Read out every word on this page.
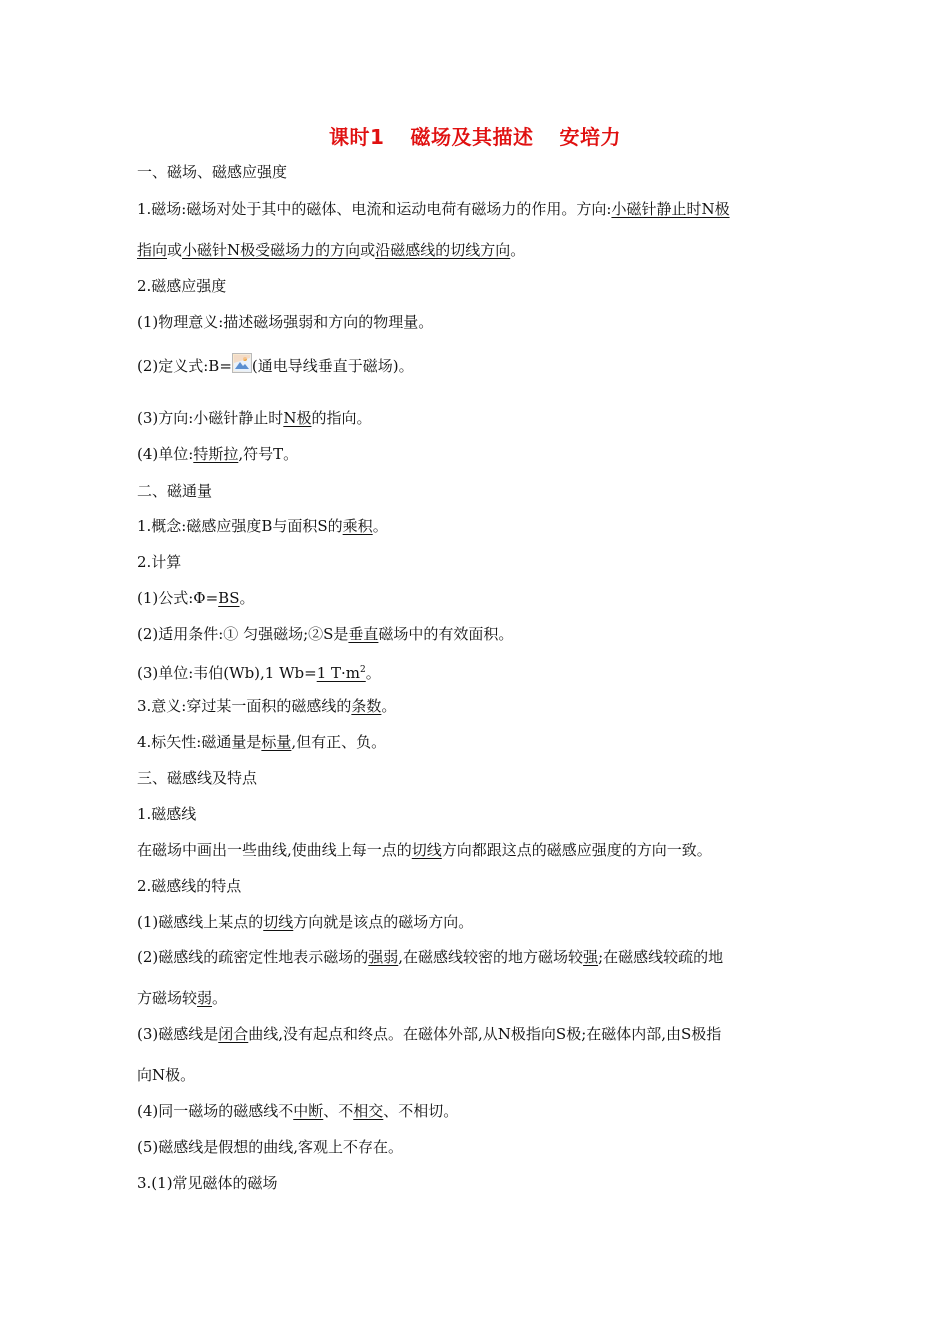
课时1 磁场及其描述 安培力
一、磁场、磁感应强度
1.磁场:磁场对处于其中的磁体、电流和运动电荷有磁场力的作用。方向:小磁针静止时N极
指向或小磁针N极受磁场力的方向或沿磁感线的切线方向。
2.磁感应强度
(1)物理意义:描述磁场强弱和方向的物理量。
(2)定义式:B= (通电导线垂直于磁场)。
(3)方向:小磁针静止时N极的指向。
(4)单位:特斯拉,符号T。
二、磁通量
1.概念:磁感应强度B与面积S的乘积。
2.计算
(1)公式:Φ=BS。
(2)适用条件:① 匀强磁场;②S是垂直磁场中的有效面积。
(3)单位:韦伯(Wb),1 Wb=1 $T\cdot m^2$。
3.意义:穿过某一面积的磁感线的条数。
4.标矢性:磁通量是标量,但有正、负。
三、磁感线及特点
1.磁感线
在磁场中画出一些曲线,使曲线上每一点的切线方向都跟这点的磁感应强度的方向一致。
2.磁感线的特点
(1)磁感线上某点的切线方向就是该点的磁场方向。
(2)磁感线的疏密定性地表示磁场的强弱,在磁感线较密的地方磁场较强;在磁感线较疏的地
方磁场较弱。
(3)磁感线是闭合曲线,没有起点和终点。在磁体外部,从N极指向S极;在磁体内部,由S极指
向N极。
(4)同一磁场的磁感线不中断、不相交、不相切。
(5)磁感线是假想的曲线,客观上不存在。
3.(1)常见磁体的磁场
